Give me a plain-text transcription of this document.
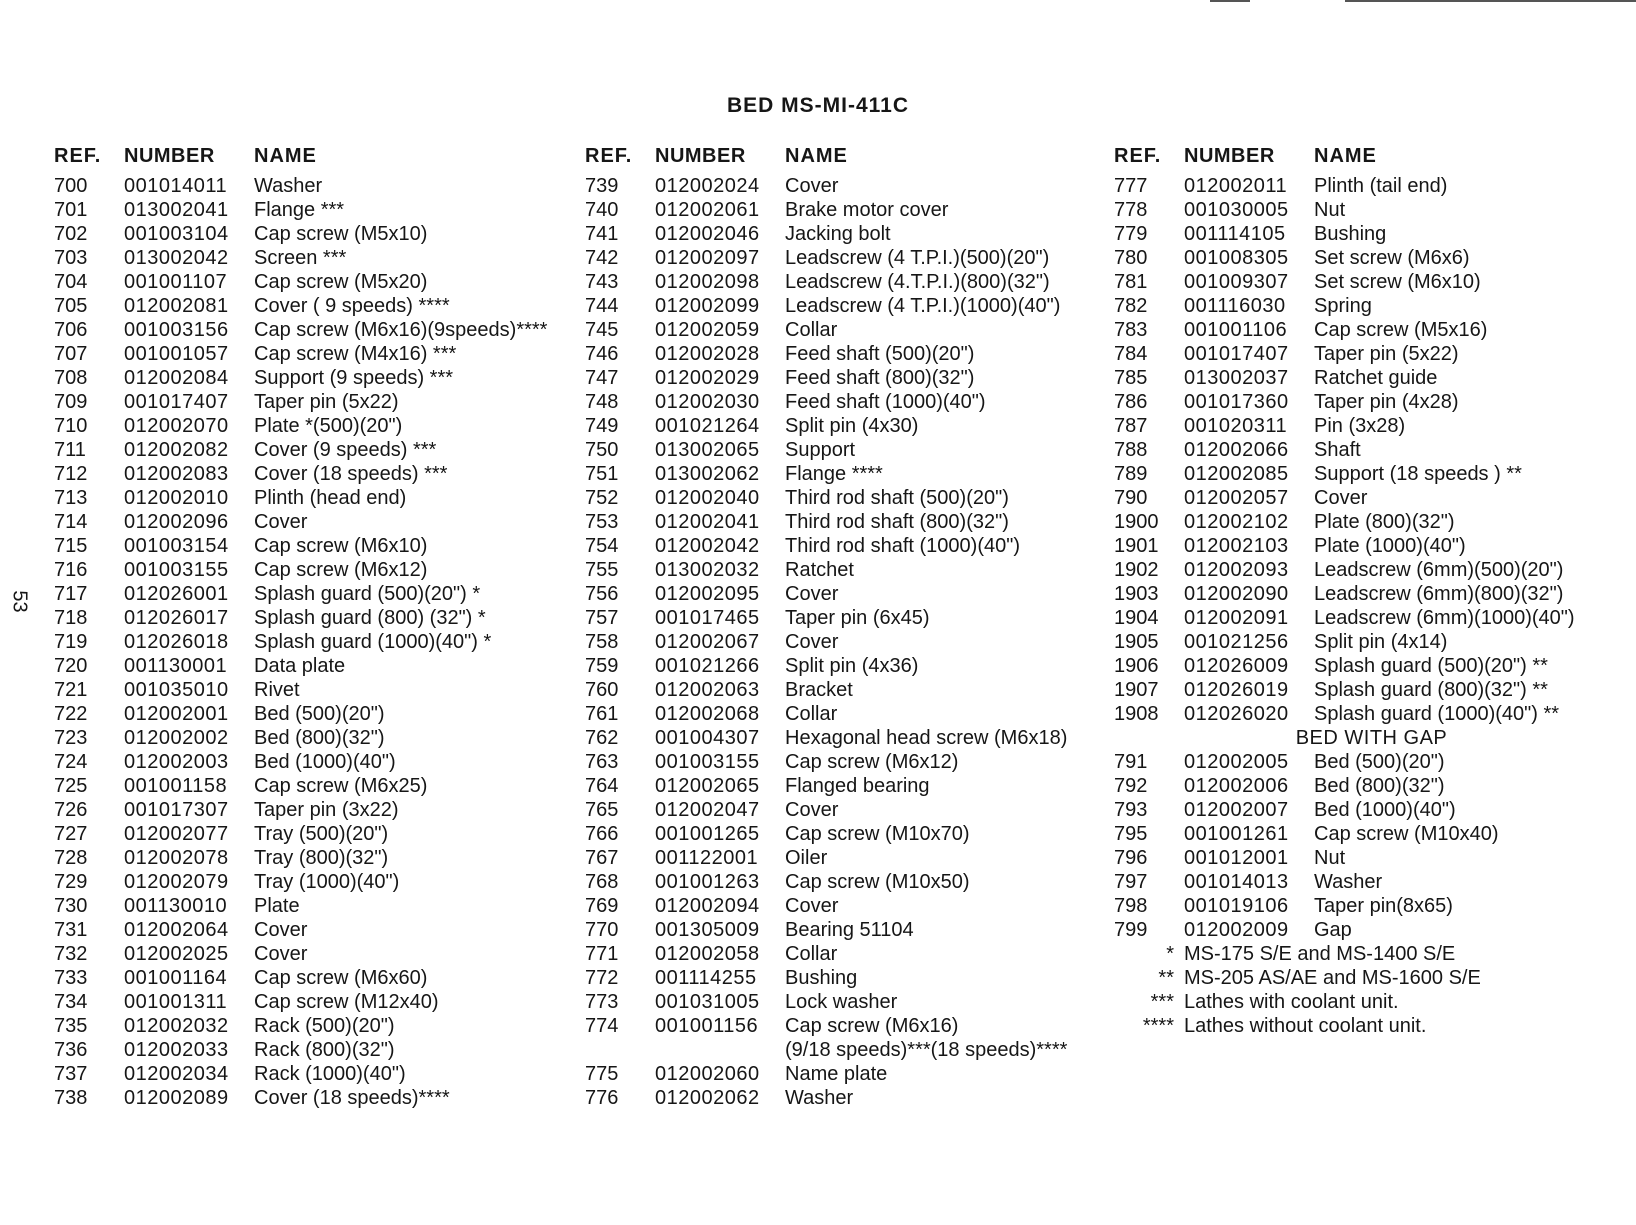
53
BED MS-MI-411C
REF. NUMBER NAME
700 001014011 Washer
701 013002041 Flange ***
702 001003104 Cap screw (M5x10)
703 013002042 Screen ***
704 001001107 Cap screw (M5x20)
705 012002081 Cover ( 9 speeds) ****
706 001003156 Cap screw (M6x16)(9speeds)****
707 001001057 Cap screw (M4x16) ***
708 012002084 Support (9 speeds) ***
709 001017407 Taper pin (5x22)
710 012002070 Plate *(500)(20")
711 012002082 Cover (9 speeds) ***
712 012002083 Cover (18 speeds) ***
713 012002010 Plinth (head end)
714 012002096 Cover
715 001003154 Cap screw (M6x10)
716 001003155 Cap screw (M6x12)
717 012026001 Splash guard (500)(20") *
718 012026017 Splash guard (800) (32") *
719 012026018 Splash guard (1000)(40") *
720 001130001 Data plate
721 001035010 Rivet
722 012002001 Bed (500)(20")
723 012002002 Bed (800)(32")
724 012002003 Bed (1000)(40")
725 001001158 Cap screw (M6x25)
726 001017307 Taper pin (3x22)
727 012002077 Tray (500)(20")
728 012002078 Tray (800)(32")
729 012002079 Tray (1000)(40")
730 001130010 Plate
731 012002064 Cover
732 012002025 Cover
733 001001164 Cap screw (M6x60)
734 001001311 Cap screw (M12x40)
735 012002032 Rack (500)(20")
736 012002033 Rack (800)(32")
737 012002034 Rack (1000)(40")
738 012002089 Cover (18 speeds)****
REF. NUMBER NAME
739 012002024 Cover
740 012002061 Brake motor cover
741 012002046 Jacking bolt
742 012002097 Leadscrew (4 T.P.I.)(500)(20")
743 012002098 Leadscrew (4.T.P.I.)(800)(32")
744 012002099 Leadscrew (4 T.P.I.)(1000)(40")
745 012002059 Collar
746 012002028 Feed shaft (500)(20")
747 012002029 Feed shaft (800)(32")
748 012002030 Feed shaft (1000)(40")
749 001021264 Split pin (4x30)
750 013002065 Support
751 013002062 Flange ****
752 012002040 Third rod shaft (500)(20")
753 012002041 Third rod shaft (800)(32")
754 012002042 Third rod shaft (1000)(40")
755 013002032 Ratchet
756 012002095 Cover
757 001017465 Taper pin (6x45)
758 012002067 Cover
759 001021266 Split pin (4x36)
760 012002063 Bracket
761 012002068 Collar
762 001004307 Hexagonal head screw (M6x18)
763 001003155 Cap screw (M6x12)
764 012002065 Flanged bearing
765 012002047 Cover
766 001001265 Cap screw (M10x70)
767 001122001 Oiler
768 001001263 Cap screw (M10x50)
769 012002094 Cover
770 001305009 Bearing 51104
771 012002058 Collar
772 001114255 Bushing
773 001031005 Lock washer
774 001001156 Cap screw (M6x16)
(9/18 speeds)***(18 speeds)****
775 012002060 Name plate
776 012002062 Washer
REF. NUMBER NAME
777 012002011 Plinth (tail end)
778 001030005 Nut
779 001114105 Bushing
780 001008305 Set screw (M6x6)
781 001009307 Set screw (M6x10)
782 001116030 Spring
783 001001106 Cap screw (M5x16)
784 001017407 Taper pin (5x22)
785 013002037 Ratchet guide
786 001017360 Taper pin (4x28)
787 001020311 Pin (3x28)
788 012002066 Shaft
789 012002085 Support (18 speeds ) **
790 012002057 Cover
1900 012002102 Plate (800)(32")
1901 012002103 Plate (1000)(40")
1902 012002093 Leadscrew (6mm)(500)(20")
1903 012002090 Leadscrew (6mm)(800)(32")
1904 012002091 Leadscrew (6mm)(1000)(40")
1905 001021256 Split pin (4x14)
1906 012026009 Splash guard (500)(20") **
1907 012026019 Splash guard (800)(32") **
1908 012026020 Splash guard (1000)(40") **
BED WITH GAP
791 012002005 Bed (500)(20")
792 012002006 Bed (800)(32")
793 012002007 Bed (1000)(40")
795 001001261 Cap screw (M10x40)
796 001012001 Nut
797 001014013 Washer
798 001019106 Taper pin(8x65)
799 012002009 Gap
* MS-175 S/E and MS-1400 S/E
** MS-205 AS/AE and MS-1600 S/E
*** Lathes with coolant unit.
**** Lathes without coolant unit.
